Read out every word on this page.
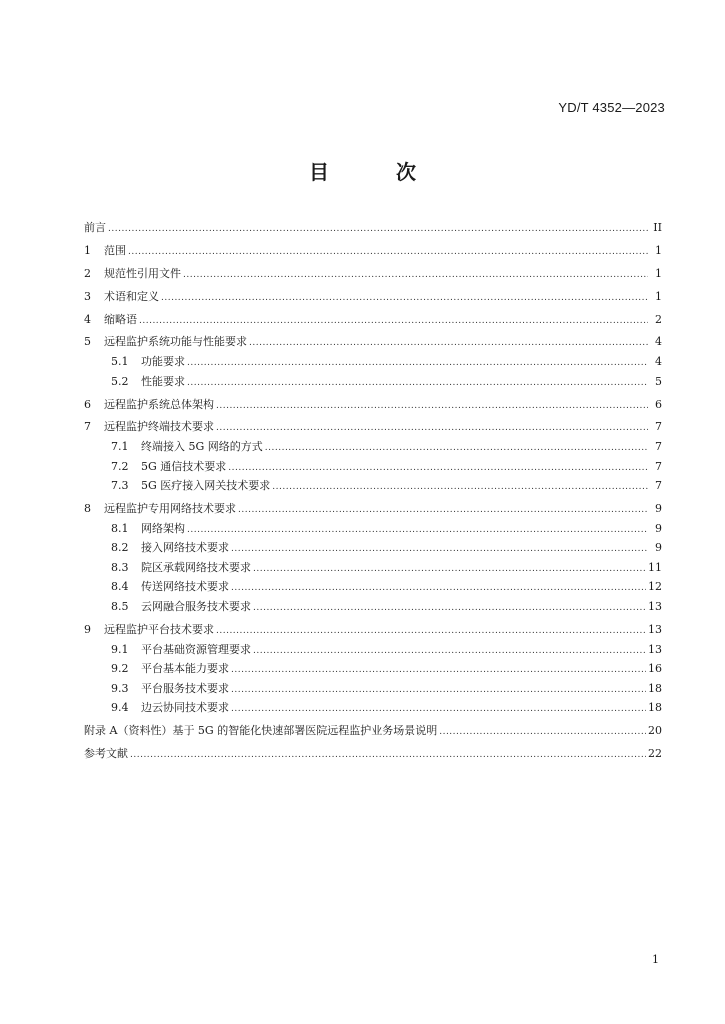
YD/T 4352—2023
目 次
前言 .....	II
1	范围 .....	1
2	规范性引用文件 .....	1
3	术语和定义 .....	1
4	缩略语 .....	2
5	远程监护系统功能与性能要求 .....	4
5.1	功能要求 .....	4
5.2	性能要求 .....	5
6	远程监护系统总体架构 .....	6
7	远程监护终端技术要求 .....	7
7.1	终端接入 5G 网络的方式 .....	7
7.2	5G 通信技术要求 .....	7
7.3	5G 医疗接入网关技术要求 .....	7
8	远程监护专用网络技术要求 .....	9
8.1	网络架构 .....	9
8.2	接入网络技术要求 .....	9
8.3	院区承载网络技术要求 .....	11
8.4	传送网络技术要求 .....	12
8.5	云网融合服务技术要求 .....	13
9	远程监护平台技术要求 .....	13
9.1	平台基础资源管理要求 .....	13
9.2	平台基本能力要求 .....	16
9.3	平台服务技术要求 .....	18
9.4	边云协同技术要求 .....	18
附录 A（资料性）基于 5G 的智能化快速部署医院远程监护业务场景说明 .....	20
参考文献 .....	22
1
